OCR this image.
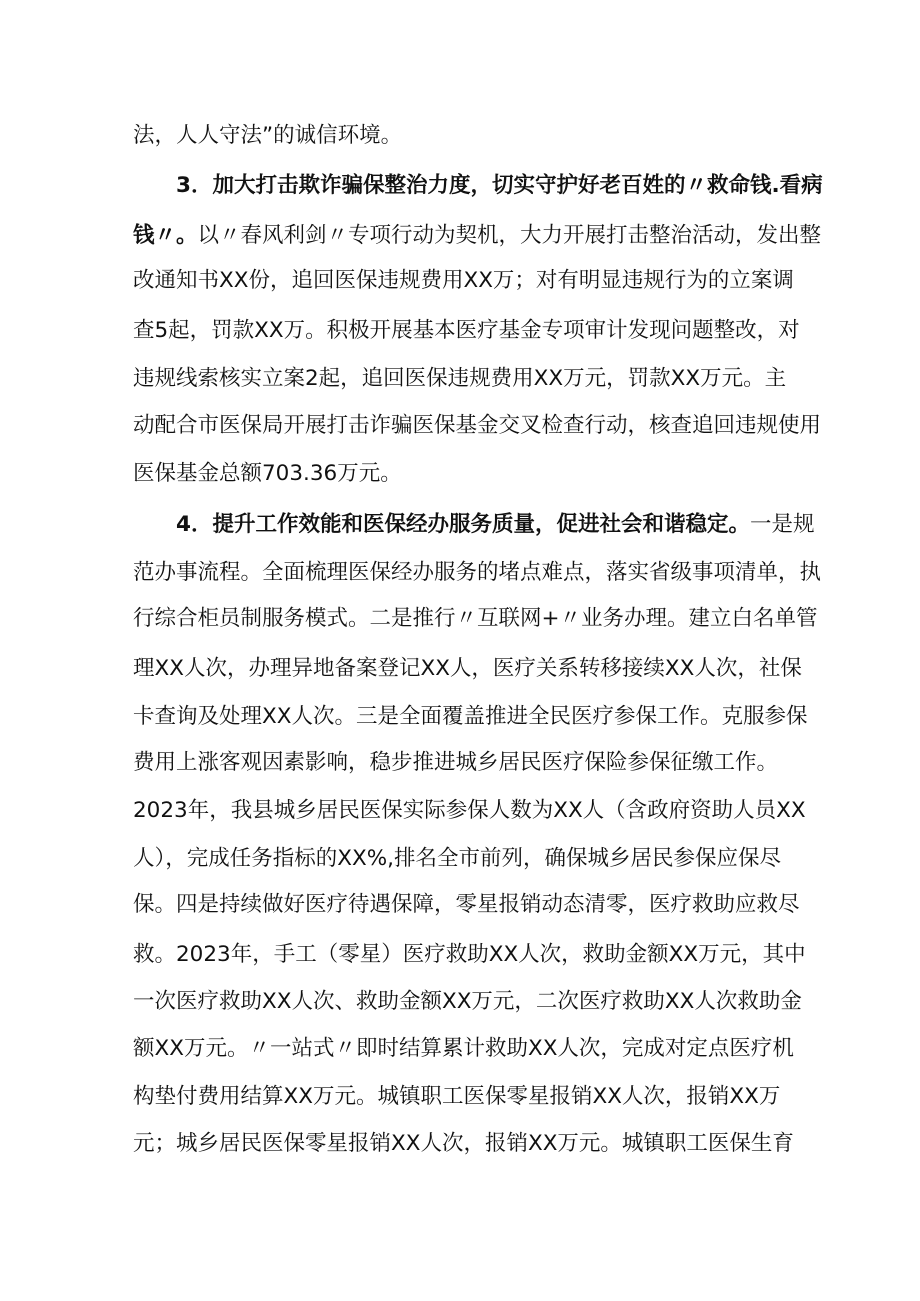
法，人人守法”的诚信环境。
3．加大打击欺诈骗保整治力度，切实守护好老百姓的〃救命钱.看病
钱〃。以〃春风利剑〃专项行动为契机，大力开展打击整治活动，发出整
改通知书XX份，追回医保违规费用XX万；对有明显违规行为的立案调
查5起，罚款XX万。积极开展基本医疗基金专项审计发现问题整改，对
违规线索核实立案2起，追回医保违规费用XX万元，罚款XX万元。主
动配合市医保局开展打击诈骗医保基金交叉检查行动，核查追回违规使用
医保基金总额703.36万元。
4．提升工作效能和医保经办服务质量，促进社会和谐稳定。一是规
范办事流程。全面梳理医保经办服务的堵点难点，落实省级事项清单，执
行综合柜员制服务模式。二是推行〃互联网+〃业务办理。建立白名单管
理XX人次，办理异地备案登记XX人，医疗关系转移接续XX人次，社保
卡查询及处理XX人次。三是全面覆盖推进全民医疗参保工作。克服参保
费用上涨客观因素影响，稳步推进城乡居民医疗保险参保征缴工作。
2023年，我县城乡居民医保实际参保人数为XX人（含政府资助人员XX
人），完成任务指标的XX%,排名全市前列，确保城乡居民参保应保尽
保。四是持续做好医疗待遇保障，零星报销动态清零，医疗救助应救尽
救。2023年，手工（零星）医疗救助XX人次，救助金额XX万元，其中
一次医疗救助XX人次、救助金额XX万元，二次医疗救助XX人次救助金
额XX万元。〃一站式〃即时结算累计救助XX人次，完成对定点医疗机
构垫付费用结算XX万元。城镇职工医保零星报销XX人次，报销XX万
元；城乡居民医保零星报销XX人次，报销XX万元。城镇职工医保生育
